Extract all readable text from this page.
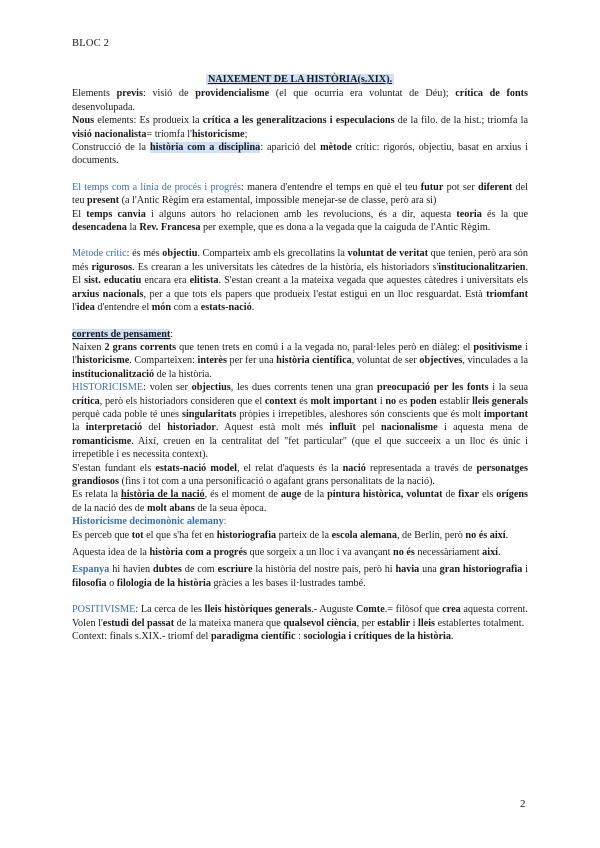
BLOC 2
NAIXEMENT DE LA HISTÒRIA(s.XIX).

Elements previs: visió de providencialisme (el que ocurria era voluntat de Déu); crítica de fonts desenvolupada.

Nous elements: Es produeix la crítica a les generalitzacions i especulacions de la filo. de la hist.; triomfa la visió nacionalista= triomfa l'historicisme;

Construcció de la història com a disciplina: aparició del mètode crític: rigorós, objectiu, basat en arxius i documents.

El temps com a línia de procés i progrés: manera d'entendre el temps en què el teu futur pot ser diferent del teu present (a l'Antic Règim era estamental, impossible menejar-se de classe, però ara si)

El temps canvia i alguns autors ho relacionen amb les revolucions, és a dir, aquesta teoria és la que desencadena la Rev. Francesa per exemple, que es dona a la vegada que la caiguda de l'Antic Règim.

Mètode crític: és més objectiu. Comparteix amb els grecollatins la voluntat de veritat que tenien, però ara són més rigurosos. Es crearan a les universitats les càtedres de la història, els historiadors s'institucionalitzarien. El sist. educatiu encara era elitista. S'estan creant a la mateixa vegada que aquestes càtedres i universitats els arxius nacionals, per a que tots els papers que produeix l'estat estigui en un lloc resguardat. Està triomfant l'idea d'entendre el món com a estats-nació.

corrents de pensament:

Naixen 2 grans corrents que tenen trets en comú i a la vegada no, paral·leles però en diàleg: el positivisme i l'historicisme. Comparteixen: interès per fer una història científica, voluntat de ser objectives, vinculades a la institucionalització de la història.

HISTORICISME: volen ser objectius, les dues corrents tenen una gran preocupació per les fonts i la seua crítica, però els historiadors consideren que el context és molt important i no es poden establir lleis generals perquè cada poble té unes singularitats pròpies i irrepetibles, aleshores són conscients que és molt important la interpretació del historiador. Aquest està molt més influït pel nacionalisme i aquesta mena de romanticisme. Així, creuen en la centralitat del "fet particular" (que el que succeeix a un lloc és únic i irrepetible i es necessita context).

S'estan fundant els estats-nació model, el relat d'aquests és la nació representada a través de personatges grandiosos (fins i tot com a una personificació o agafant grans personalitats de la nació).

Es relata la història de la nació, és el moment de auge de la pintura històrica, voluntat de fixar els orígens de la nació des de molt abans de la seua època.

Historicisme decimonònic alemany:

Es perceb que tot el que s'ha fet en historiografia parteix de la escola alemana, de Berlín, però no és així.

Aquesta idea de la història com a progrés que sorgeix a un lloc i va avançant no és necessàriament així.

Espanya hi havien dubtes de com escriure la història del nostre país, però hi havia una gran historiografia i filosofia o filologia de la història gràcies a les bases il·lustrades també.

POSITIVISME: La cerca de les lleis històriques generals.- Auguste Comte.= filòsof que crea aquesta corrent. Volen l'estudi del passat de la mateixa manera que qualsevol ciència, per establir i lleis establertes totalment.

Context: finals s.XIX.- triomf del paradigma científic : sociologia i crítiques de la història.

2
